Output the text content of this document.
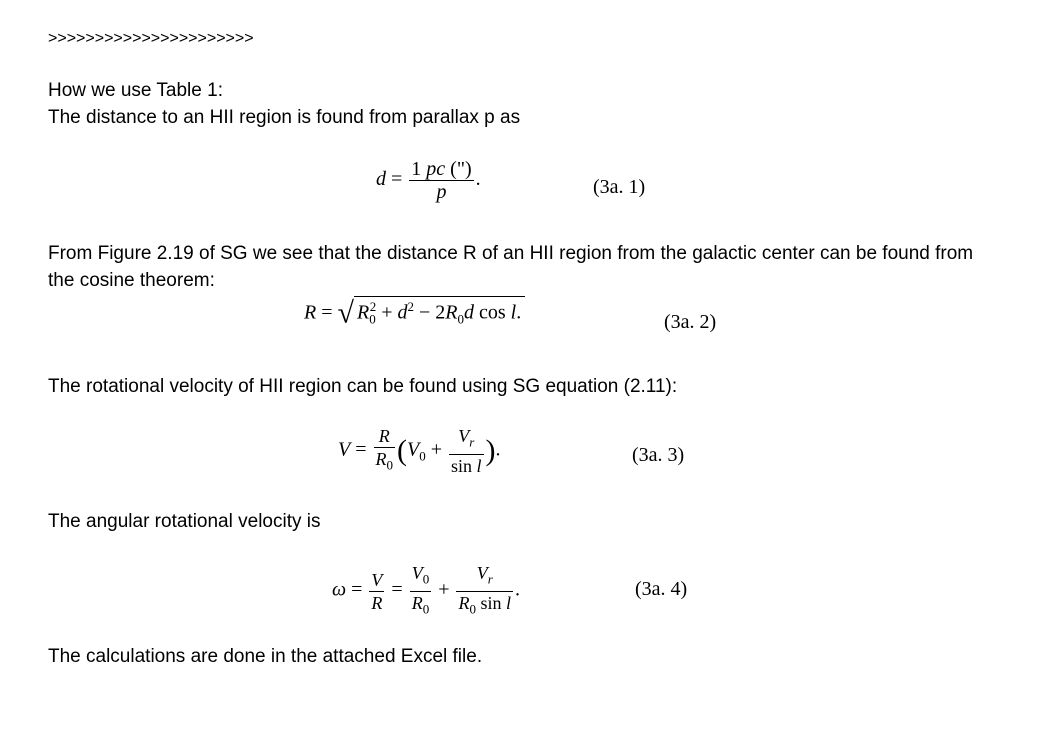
>>>>>>>>>>>>>>>>>>>>>>
How we use Table 1:
The distance to an HII region is found from parallax p as
$d = \frac{1 pc (")}{p}$ .	(3a. 1)
From Figure 2.19 of SG we see that the distance R of an HII region from the galactic center can be found from the cosine theorem:
R = √ $R_0^2 + d^2 - 2R_0d$ cos l.	(3a. 2)
The rotational velocity of HII region can be found using SG equation (2.11):
$V = \frac{R}{R_0} (V_0 + \frac{V_r}{\text{sin l}}$ ).	(3a. 3)
The angular rotational velocity is
$\omega = \frac{V}{R} = \frac{V_0}{R_0} + \frac{V_r}{R_0 \sin l}$ .	(3a. 4)
The calculations are done in the attached Excel file.
